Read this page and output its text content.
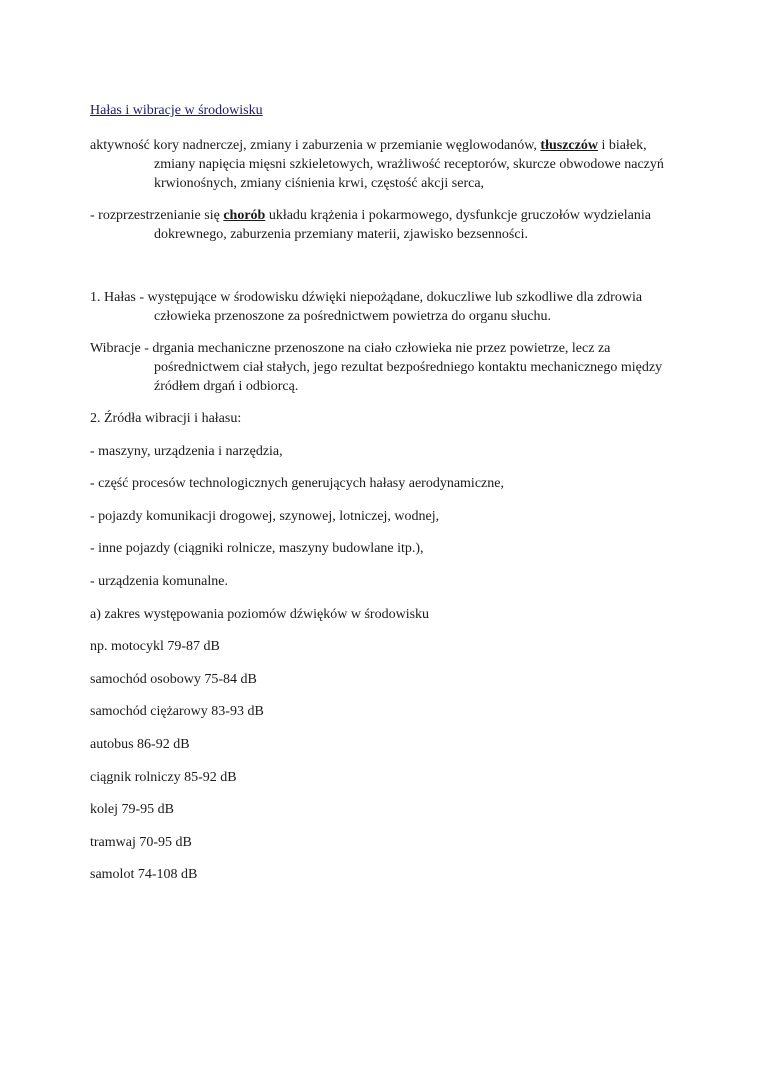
Hałas i wibracje w środowisku

aktywność kory nadnerczej, zmiany i zaburzenia w przemianie węglowodanów, tłuszczów i białek, zmiany napięcia mięsni szkieletowych, wrażliwość receptorów, skurcze obwodowe naczyń krwionośnych, zmiany ciśnienia krwi, częstość akcji serca,

- rozprzestrzenianie się chorób układu krążenia i pokarmowego, dysfunkcje gruczołów wydzielania dokrewnego, zaburzenia przemiany materii, zjawisko bezsenności.

1. Hałas - występujące w środowisku dźwięki niepożądane, dokuczliwe lub szkodliwe dla zdrowia człowieka przenoszone za pośrednictwem powietrza do organu słuchu.

Wibracje - drgania mechaniczne przenoszone na ciało człowieka nie przez powietrze, lecz za pośrednictwem ciał stałych, jego rezultat bezpośredniego kontaktu mechanicznego między źródłem drgań i odbiorcą.

2. Źródła wibracji i hałasu:

- maszyny, urządzenia i narzędzia,

- część procesów technologicznych generujących hałasy aerodynamiczne,

- pojazdy komunikacji drogowej, szynowej, lotniczej, wodnej,

- inne pojazdy (ciągniki rolnicze, maszyny budowlane itp.),

- urządzenia komunalne.

a) zakres występowania poziomów dźwięków w środowisku

np. motocykl 79-87 dB

samochód osobowy 75-84 dB

samochód ciężarowy 83-93 dB

autobus 86-92 dB

ciągnik rolniczy 85-92 dB

kolej 79-95 dB

tramwaj 70-95 dB

samolot 74-108 dB
